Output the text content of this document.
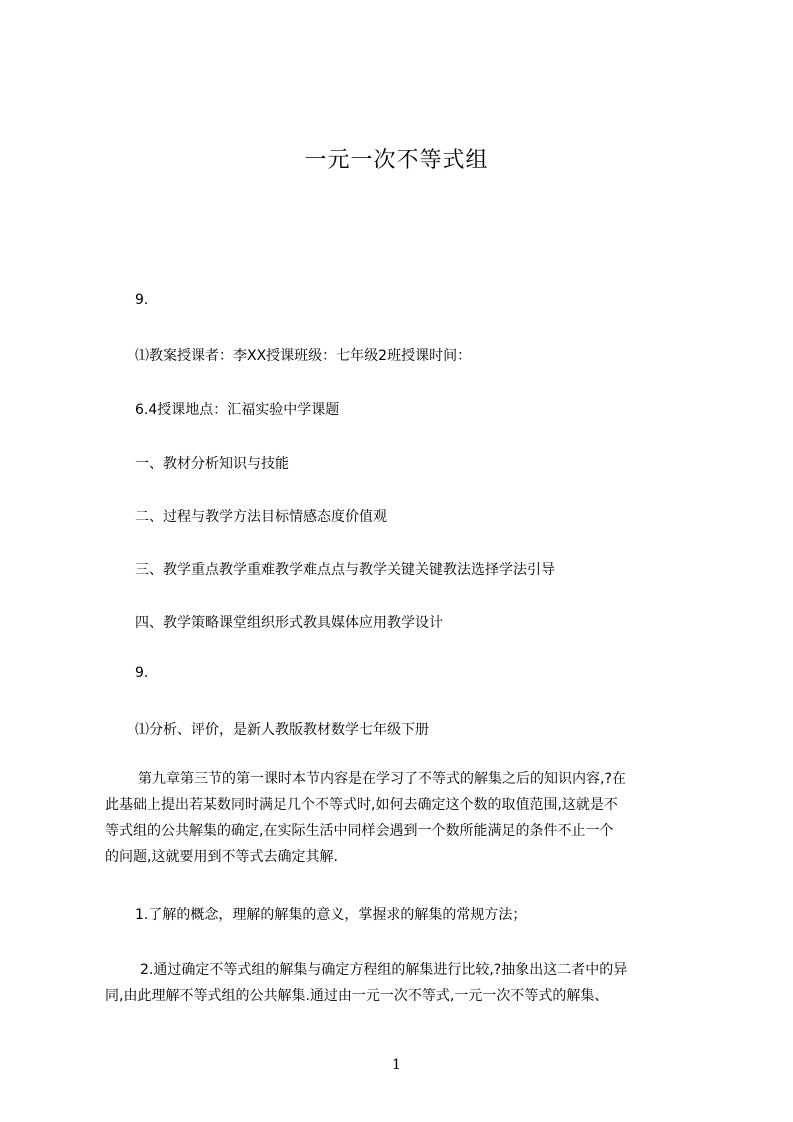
一元一次不等式组
9.
⑴教案授课者：李XX授课班级：七年级2班授课时间：
6.4授课地点：汇福实验中学课题
一、教材分析知识与技能
二、过程与教学方法目标情感态度价值观
三、教学重点教学重难教学难点点与教学关键关键教法选择学法引导
四、教学策略课堂组织形式教具媒体应用教学设计
9.
⑴分析、评价，是新人教版教材数学七年级下册
第九章第三节的第一课时本节内容是在学习了不等式的解集之后的知识内容,?在
此基础上提出若某数同时满足几个不等式时,如何去确定这个数的取值范围,这就是不
等式组的公共解集的确定,在实际生活中同样会遇到一个数所能满足的条件不止一个
的问题,这就要用到不等式去确定其解.
1.了解的概念，理解的解集的意义，掌握求的解集的常规方法；
2.通过确定不等式组的解集与确定方程组的解集进行比较,?抽象出这二者中的异
同,由此理解不等式组的公共解集.通过由一元一次不等式,一元一次不等式的解集、
1
